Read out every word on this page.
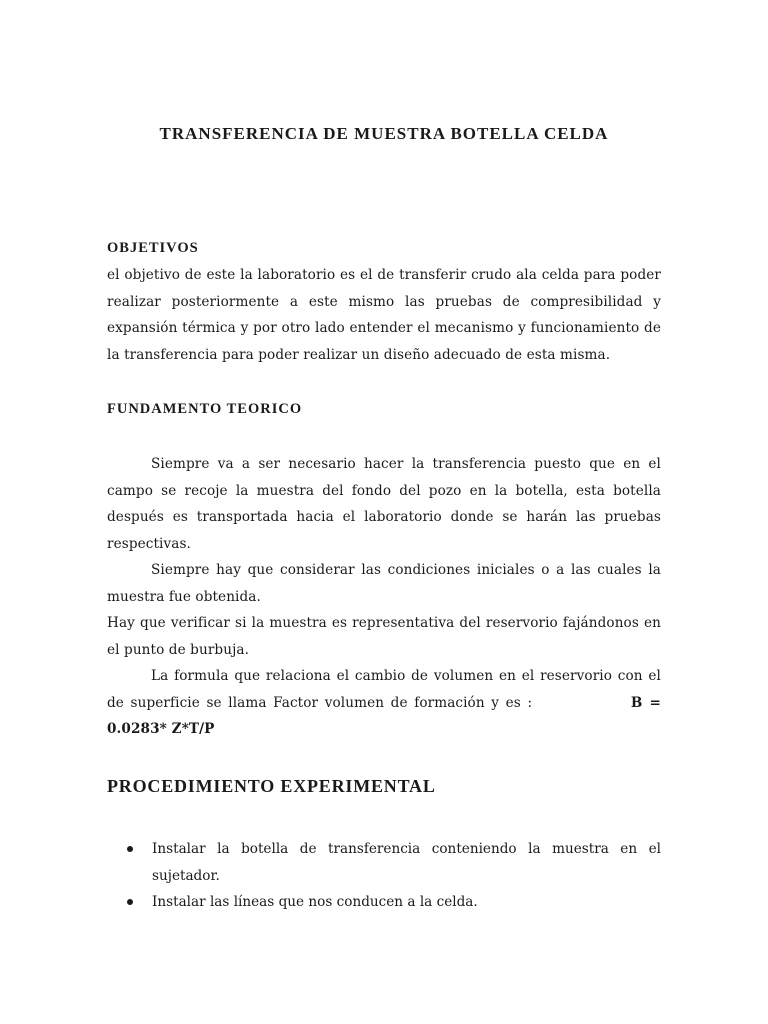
TRANSFERENCIA DE MUESTRA BOTELLA CELDA
OBJETIVOS

el objetivo de este la laboratorio es el de transferir crudo ala celda para poder realizar posteriormente a este mismo las pruebas de compresibilidad y expansión térmica y por otro lado entender el mecanismo y funcionamiento de la transferencia para poder realizar un diseño adecuado de esta misma.

FUNDAMENTO TEORICO

Siempre va a ser necesario hacer la transferencia puesto que en el campo se recoje la muestra del fondo del pozo en la botella, esta botella después es transportada hacia el laboratorio donde se harán las pruebas respectivas.

Siempre hay que considerar las condiciones iniciales o a las cuales la muestra fue obtenida.

Hay que verificar si la muestra es representativa del reservorio fajándonos en el punto de burbuja.

La formula que relaciona el cambio de volumen en el reservorio con el de superficie se llama Factor volumen de formación y es :	B = 0.0283* Z*T/P

PROCEDIMIENTO EXPERIMENTAL
Instalar la botella de transferencia conteniendo la muestra en el sujetador.
Instalar las líneas que nos conducen a la celda.
